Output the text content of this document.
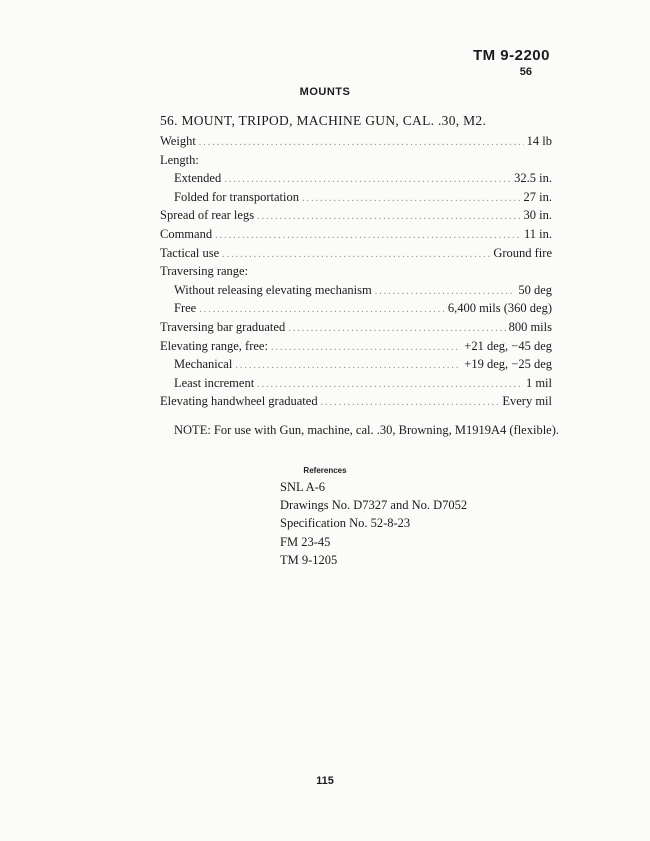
TM 9-2200
56
MOUNTS
56. MOUNT, TRIPOD, MACHINE GUN, CAL. .30, M2.
Weight .....	14 lb
Length:
Extended .....	32.5 in.
Folded for transportation .....	27 in.
Spread of rear legs .....	30 in.
Command .....	11 in.
Tactical use .....	Ground fire
Traversing range:
Without releasing elevating mechanism .....	50 deg
Free .....	6,400 mils (360 deg)
Traversing bar graduated .....	800 mils
Elevating range, free: .....	+21 deg, −45 deg
Mechanical .....	+19 deg, −25 deg
Least increment .....	1 mil
Elevating handwheel graduated .....	Every mil
NOTE: For use with Gun, machine, cal. .30, Browning, M1919A4 (flexible).
References
SNL A-6
Drawings No. D7327 and No. D7052
Specification No. 52-8-23
FM 23-45
TM 9-1205
115
